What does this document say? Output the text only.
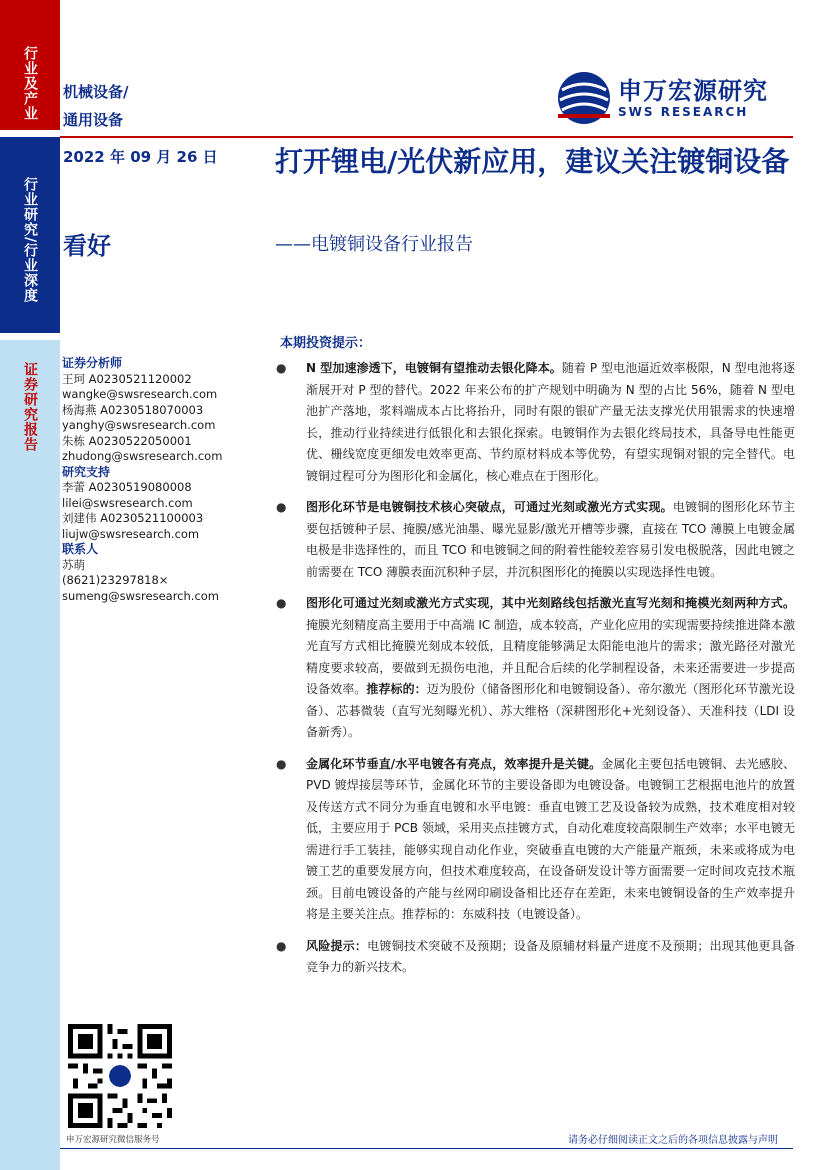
行业及产业
行业研究/行业深度
证券研究报告
机械设备/
通用设备
申万宏源研究
SWS RESEARCH
2022 年 09 月 26 日
看好
打开锂电/光伏新应用，建议关注镀铜设备
——电镀铜设备行业报告
证券分析师
王珂 A0230521120002
wangke@swsresearch.com
杨海燕 A0230518070003
yanghy@swsresearch.com
朱栋 A0230522050001
zhudong@swsresearch.com
研究支持
李蕾 A0230519080008
lilei@swsresearch.com
刘建伟 A0230521100003
liujw@swsresearch.com
联系人
苏萌
(8621)23297818×
sumeng@swsresearch.com
本期投资提示：
● N 型加速渗透下，电镀铜有望推动去银化降本。随着 P 型电池逼近效率极限，N 型电池将逐渐展开对 P 型的替代。2022 年来公布的扩产规划中明确为 N 型的占比 56%，随着 N 型电池扩产落地，浆料端成本占比将抬升，同时有限的银矿产量无法支撑光伏用银需求的快速增长，推动行业持续进行低银化和去银化探索。电镀铜作为去银化终局技术，具备导电性能更优、栅线宽度更细发电效率更高、节约原材料成本等优势，有望实现铜对银的完全替代。电镀铜过程可分为图形化和金属化，核心难点在于图形化。
● 图形化环节是电镀铜技术核心突破点，可通过光刻或激光方式实现。电镀铜的图形化环节主要包括镀种子层、掩膜/感光油墨、曝光显影/激光开槽等步骤，直接在 TCO 薄膜上电镀金属电极是非选择性的，而且 TCO 和电镀铜之间的附着性能较差容易引发电极脱落，因此电镀之前需要在 TCO 薄膜表面沉积种子层，并沉积图形化的掩膜以实现选择性电镀。
● 图形化可通过光刻或激光方式实现，其中光刻路线包括激光直写光刻和掩模光刻两种方式。掩膜光刻精度高主要用于中高端 IC 制造，成本较高，产业化应用的实现需要持续推进降本激光直写方式相比掩膜光刻成本较低，且精度能够满足太阳能电池片的需求；激光路径对激光精度要求较高，要做到无损伤电池，并且配合后续的化学制程设备，未来还需要进一步提高设备效率。推荐标的：迈为股份（储备图形化和电镀铜设备）、帝尔激光（图形化环节激光设备）、芯碁微装（直写光刻曝光机）、苏大维格（深耕图形化+光刻设备）、天准科技（LDI 设备新秀）。
● 金属化环节垂直/水平电镀各有亮点，效率提升是关键。金属化主要包括电镀铜、去光感胶、PVD 镀焊接层等环节，金属化环节的主要设备即为电镀设备。电镀铜工艺根据电池片的放置及传送方式不同分为垂直电镀和水平电镀：垂直电镀工艺及设备较为成熟，技术难度相对较低，主要应用于 PCB 领域，采用夹点挂镀方式，自动化难度较高限制生产效率；水平电镀无需进行手工装挂，能够实现自动化作业，突破垂直电镀的大产能量产瓶颈，未来或将成为电镀工艺的重要发展方向，但技术难度较高，在设备研发设计等方面需要一定时间攻克技术瓶颈。目前电镀设备的产能与丝网印刷设备相比还存在差距，未来电镀铜设备的生产效率提升将是主要关注点。推荐标的：东威科技（电镀设备）。
● 风险提示：电镀铜技术突破不及预期；设备及原辅材料量产进度不及预期；出现其他更具备竞争力的新兴技术。
申万宏源研究微信服务号	请务必仔细阅读正文之后的各项信息披露与声明
